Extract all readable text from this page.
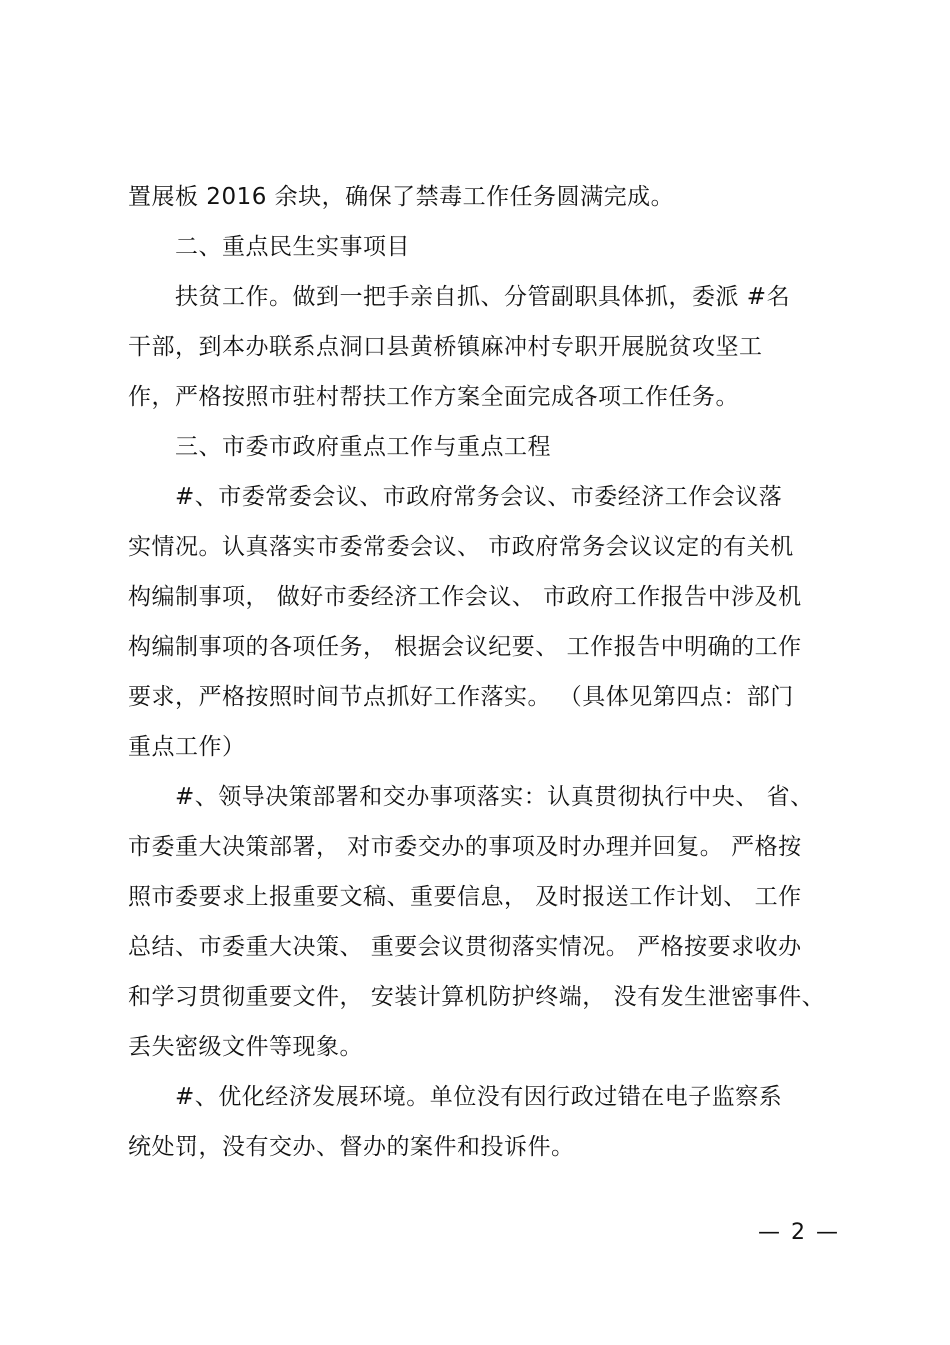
置展板 2016 余块，确保了禁毒工作任务圆满完成。
二、重点民生实事项目
扶贫工作。做到一把手亲自抓、分管副职具体抓，委派 #名
干部，到本办联系点洞口县黄桥镇麻冲村专职开展脱贫攻坚工
作，严格按照市驻村帮扶工作方案全面完成各项工作任务。
三、市委市政府重点工作与重点工程
#、市委常委会议、市政府常务会议、市委经济工作会议落
实情况。认真落实市委常委会议、 市政府常务会议议定的有关机
构编制事项， 做好市委经济工作会议、 市政府工作报告中涉及机
构编制事项的各项任务， 根据会议纪要、 工作报告中明确的工作
要求，严格按照时间节点抓好工作落实。 （具体见第四点：部门
重点工作）
#、领导决策部署和交办事项落实：认真贯彻执行中央、 省、
市委重大决策部署， 对市委交办的事项及时办理并回复。 严格按
照市委要求上报重要文稿、重要信息， 及时报送工作计划、 工作
总结、市委重大决策、 重要会议贯彻落实情况。 严格按要求收办
和学习贯彻重要文件， 安装计算机防护终端， 没有发生泄密事件、
丢失密级文件等现象。
#、优化经济发展环境。单位没有因行政过错在电子监察系
统处罚，没有交办、督办的案件和投诉件。
— 2 —
